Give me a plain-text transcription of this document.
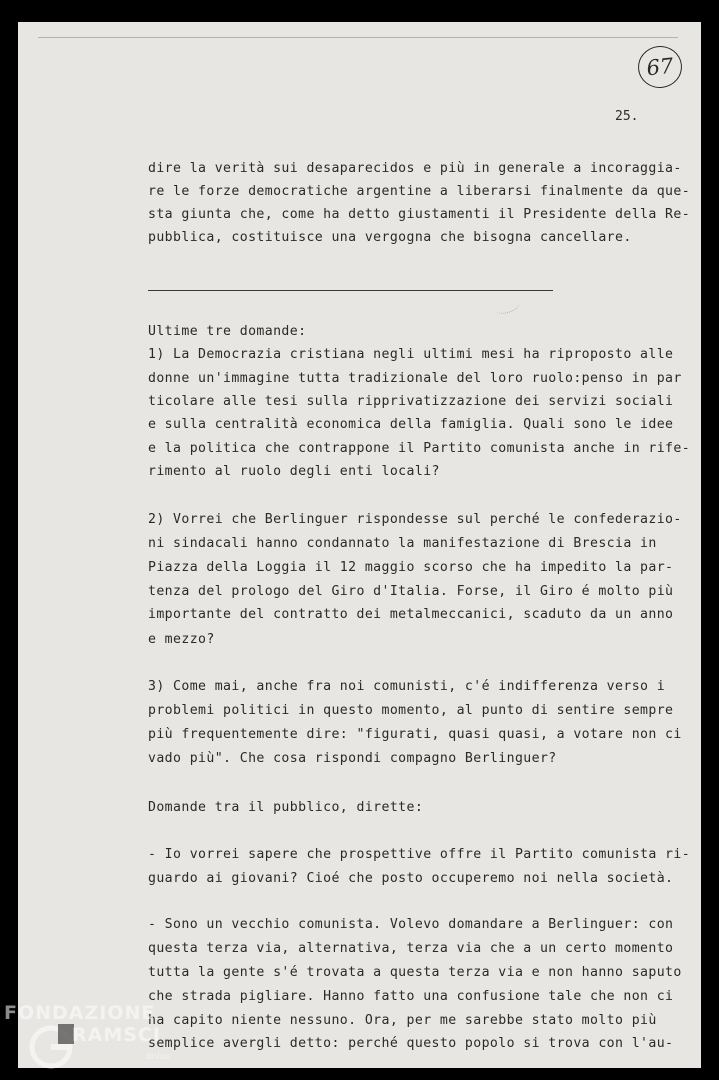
67
25.
dire la verità sui desaparecidos e più in generale a incoraggia-
re le forze democratiche argentine a liberarsi finalmente da que-
sta giunta che, come ha detto giustamenti il Presidente della Re-
pubblica, costituisce una vergogna che bisogna cancellare.
Ultime tre domande:
1) La Democrazia cristiana negli ultimi mesi ha riproposto alle
donne un'immagine tutta tradizionale del loro ruolo:penso in par
ticolare alle tesi sulla ripprivatizzazione dei servizi sociali
e sulla centralità economica della famiglia. Quali sono le idee
e la politica che contrappone il Partito comunista anche in rife-
rimento al ruolo degli enti locali?
2) Vorrei che Berlinguer rispondesse sul perché le confederazio-
ni sindacali hanno condannato la manifestazione di Brescia in
Piazza della Loggia il 12 maggio scorso che ha impedito la par-
tenza del prologo del Giro d'Italia. Forse, il Giro é molto più
importante del contratto dei metalmeccanici, scaduto da un anno
e mezzo?
3) Come mai, anche fra noi comunisti, c'é indifferenza verso i
problemi politici in questo momento, al punto di sentire sempre
più frequentemente dire: "figurati, quasi quasi, a votare non ci
vado più". Che cosa rispondi compagno Berlinguer?
Domande tra il pubblico, dirette:
- Io vorrei sapere che prospettive offre il Partito comunista ri-
guardo ai giovani? Cioé che posto occuperemo noi nella società.
- Sono un vecchio comunista. Volevo domandare a Berlinguer: con
questa terza via, alternativa, terza via che a un certo momento
tutta la gente s'é trovata a questa terza via e non hanno saputo
che strada pigliare. Hanno fatto una confusione tale che non ci
ha capito niente nessuno. Ora, per me sarebbe stato molto più
semplice avergli detto: perché questo popolo si trova con l'au-
FONDAZIONE
RAMSCI
onlus
